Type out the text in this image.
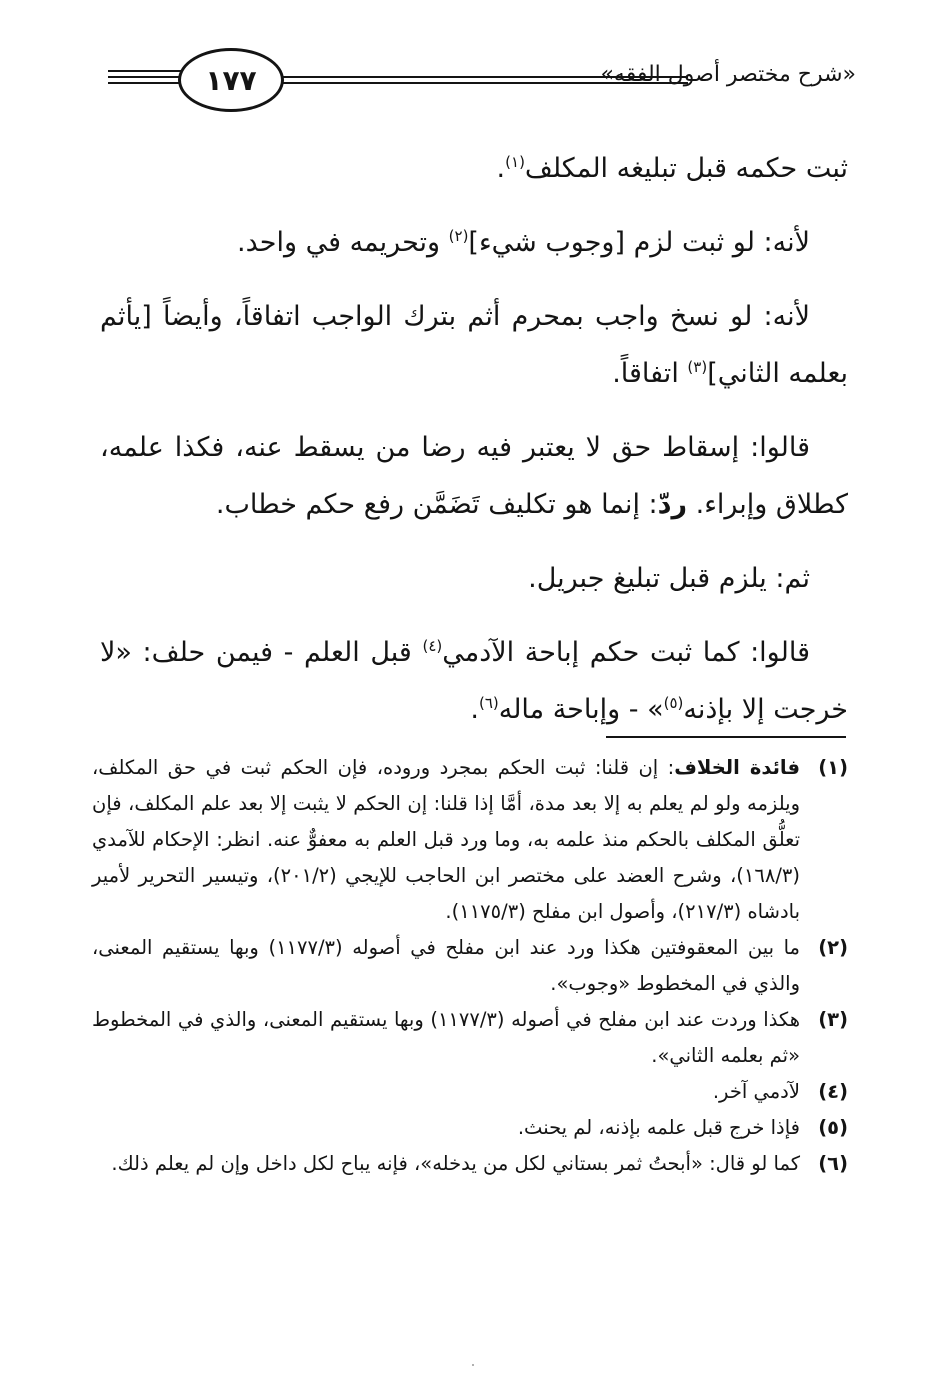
١٧٧	«شرح مختصر أصول الفقه»

ثبت حكمه قبل تبليغه المكلف$^{(١)}$.

لأنه: لو ثبت لزم [وجوب شيء]$^{(٢)}$ وتحريمه في واحد.

لأنه: لو نسخ واجب بمحرم أثم بترك الواجب اتفاقاً، وأيضاً [يأثم بعلمه الثاني]$^{(٣)}$ اتفاقاً.

قالوا: إسقاط حق لا يعتبر فيه رضا من يسقط عنه، فكذا علمه، كطلاق وإبراء. ردّ: إنما هو تكليف تَضَمَّن رفع حكم خطاب.

ثم: يلزم قبل تبليغ جبريل.

قالوا: كما ثبت حكم إباحة الآدمي$^{(٤)}$ قبل العلم - فيمن حلف: «لا خرجت إلا بإذنه$^{(٥)}$» - وإباحة ماله$^{(٦)}$.

(١)
فائدة الخلاف: إن قلنا: ثبت الحكم بمجرد وروده، فإن الحكم ثبت في حق المكلف، ويلزمه ولو لم يعلم به إلا بعد مدة، أمَّا إذا قلنا: إن الحكم لا يثبت إلا بعد علم المكلف، فإن تعلُّق المكلف بالحكم منذ علمه به، وما ورد قبل العلم به معفوٌّ عنه. انظر: الإحكام للآمدي (١٦٨/٣)، وشرح العضد على مختصر ابن الحاجب للإيجي (٢٠١/٢)، وتيسير التحرير لأمير بادشاه (٢١٧/٣)، وأصول ابن مفلح (١١٧٥/٣).
(٢)
ما بين المعقوفتين هكذا ورد عند ابن مفلح في أصوله (١١٧٧/٣) وبها يستقيم المعنى، والذي في المخطوط «وجوب».
(٣)
هكذا وردت عند ابن مفلح في أصوله (١١٧٧/٣) وبها يستقيم المعنى، والذي في المخطوط «ثم بعلمه الثاني».
(٤)
لآدمي آخر.
(٥)
فإذا خرج قبل علمه بإذنه، لم يحنث.
(٦)
كما لو قال: «أبحتُ ثمر بستاني لكل من يدخله»، فإنه يباح لكل داخل وإن لم يعلم ذلك.
